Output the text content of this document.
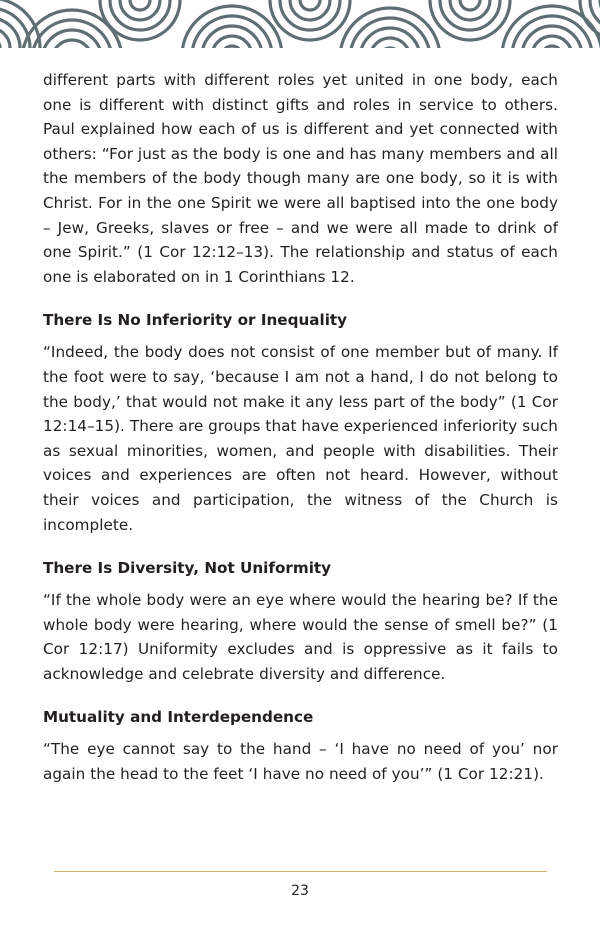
different parts with different roles yet united in one body, each one is different with distinct gifts and roles in service to others. Paul explained how each of us is different and yet connected with others: “For just as the body is one and has many members and all the members of the body though many are one body, so it is with Christ. For in the one Spirit we were all baptised into the one body – Jew, Greeks, slaves or free – and we were all made to drink of one Spirit.” (1 Cor 12:12–13). The relationship and status of each one is elaborated on in 1 Corinthians 12.

There Is No Inferiority or Inequality

“Indeed, the body does not consist of one member but of many. If the foot were to say, ‘because I am not a hand, I do not belong to the body,’ that would not make it any less part of the body” (1 Cor 12:14–15). There are groups that have experienced inferiority such as sexual minorities, women, and people with disabilities. Their voices and experiences are often not heard. However, without their voices and participation, the witness of the Church is incomplete.

There Is Diversity, Not Uniformity

“If the whole body were an eye where would the hearing be? If the whole body were hearing, where would the sense of smell be?” (1 Cor 12:17) Uniformity excludes and is oppressive as it fails to acknowledge and celebrate diversity and difference.

Mutuality and Interdependence

“The eye cannot say to the hand – ‘I have no need of you’ nor again the head to the feet ‘I have no need of you’” (1 Cor 12:21).

23
